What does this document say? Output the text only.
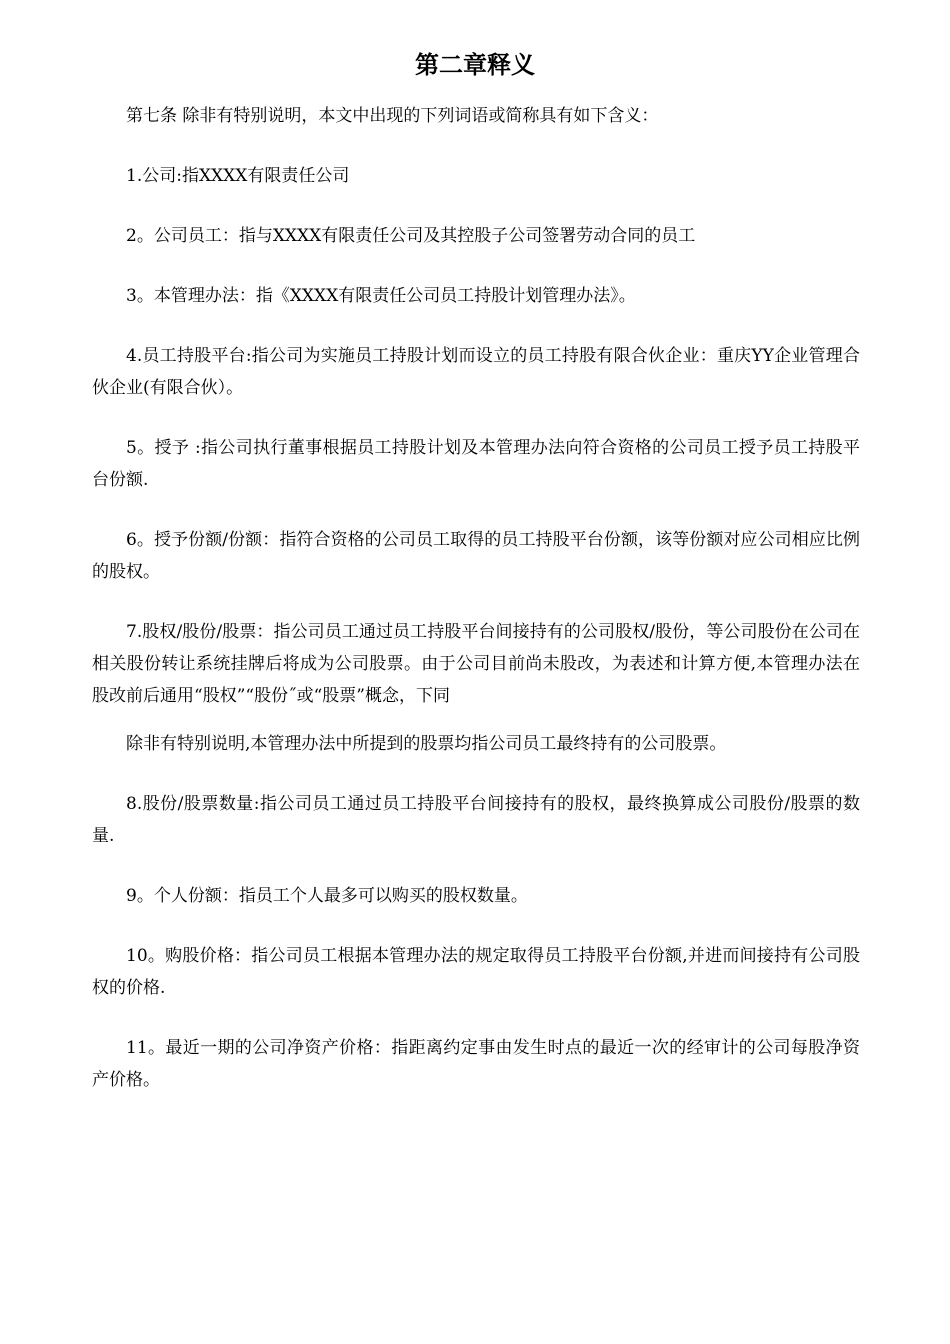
第二章释义

第七条 除非有特别说明，本文中出现的下列词语或简称具有如下含义：

1.公司:指XXXX有限责任公司

2。公司员工：指与XXXX有限责任公司及其控股子公司签署劳动合同的员工

3。本管理办法：指《XXXX有限责任公司员工持股计划管理办法》。

4.员工持股平台:指公司为实施员工持股计划而设立的员工持股有限合伙企业：重庆YY企业管理合伙企业(有限合伙）。

5。授予 :指公司执行董事根据员工持股计划及本管理办法向符合资格的公司员工授予员工持股平台份额.

6。授予份额/份额：指符合资格的公司员工取得的员工持股平台份额，该等份额对应公司相应比例的股权。

7.股权/股份/股票：指公司员工通过员工持股平台间接持有的公司股权/股份，等公司股份在公司在相关股份转让系统挂牌后将成为公司股票。由于公司目前尚未股改，为表述和计算方便,本管理办法在股改前后通用“股权”“股份˝或“股票”概念，下同

除非有特别说明,本管理办法中所提到的股票均指公司员工最终持有的公司股票。

8.股份/股票数量:指公司员工通过员工持股平台间接持有的股权，最终换算成公司股份/股票的数量.

9。个人份额：指员工个人最多可以购买的股权数量。

10。购股价格：指公司员工根据本管理办法的规定取得员工持股平台份额,并进而间接持有公司股权的价格.

11。最近一期的公司净资产价格：指距离约定事由发生时点的最近一次的经审计的公司每股净资产价格。
